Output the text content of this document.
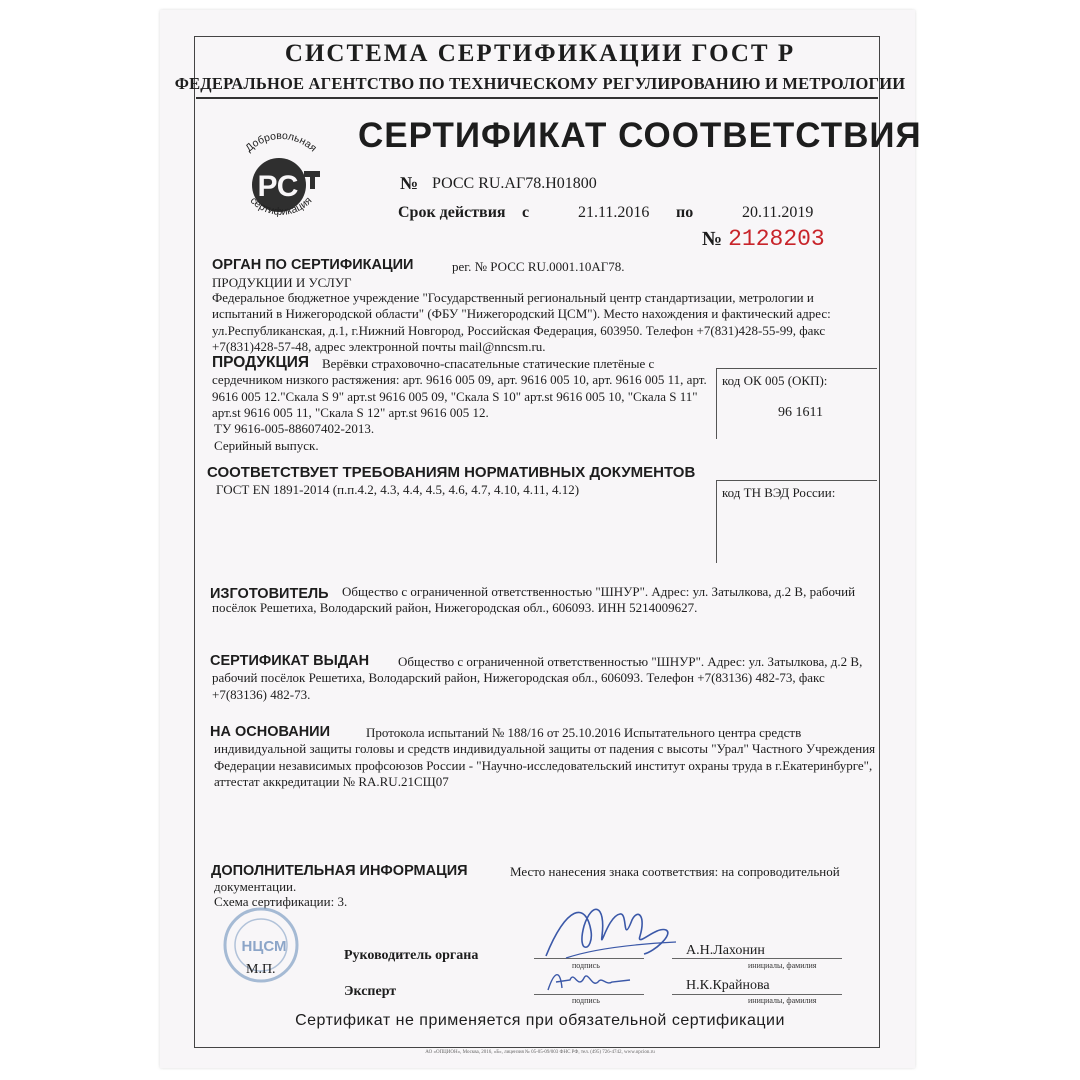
СИСТЕМА СЕРТИФИКАЦИИ ГОСТ Р
ФЕДЕРАЛЬНОЕ АГЕНТСТВО ПО ТЕХНИЧЕСКОМУ РЕГУЛИРОВАНИЮ И МЕТРОЛОГИИ
Добровольная
РС
сертификация
СЕРТИФИКАТ СООТВЕТСТВИЯ
№ РОСС RU.АГ78.Н01800
Срок действия с	21.11.2016 по	20.11.2019
№ 2128203
ОРГАН ПО СЕРТИФИКАЦИИ	рег. № РОСС RU.0001.10АГ78.
ПРОДУКЦИИ И УСЛУГ
Федеральное бюджетное учреждение "Государственный региональный центр стандартизации, метрологии и испытаний в Нижегородской области" (ФБУ "Нижегородский ЦСМ"). Место нахождения и фактический адрес: ул.Республиканская, д.1, г.Нижний Новгород, Российская Федерация, 603950. Телефон +7(831)428-55-99, факс +7(831)428-57-48, адрес электронной почты mail@nncsm.ru.
ПРОДУКЦИЯ Верёвки страховочно-спасательные статические плетёные с сердечником низкого растяжения: арт. 9616 005 09, арт. 9616 005 10, арт. 9616 005 11, арт. 9616 005 12."Скала S 9" арт.st 9616 005 09, "Скала S 10" арт.st 9616 005 10, "Скала S 11" арт.st 9616 005 11, "Скала S 12" арт.st 9616 005 12.
ТУ 9616-005-88607402-2013.
Серийный выпуск.
код ОК 005 (ОКП):
96 1611
СООТВЕТСТВУЕТ ТРЕБОВАНИЯМ НОРМАТИВНЫХ ДОКУМЕНТОВ
ГОСТ EN 1891-2014 (п.п.4.2, 4.3, 4.4, 4.5, 4.6, 4.7, 4.10, 4.11, 4.12)	код ТН ВЭД России:
ИЗГОТОВИТЕЛЬ	Общество с ограниченной ответственностью "ШНУР". Адрес: ул. Затылкова, д.2 В, рабочий посёлок Решетиха, Володарский район, Нижегородская обл., 606093. ИНН 5214009627.
СЕРТИФИКАТ ВЫДАН	Общество с ограниченной ответственностью "ШНУР". Адрес: ул. Затылкова, д.2 В, рабочий посёлок Решетиха, Володарский район, Нижегородская обл., 606093. Телефон +7(83136) 482-73, факс +7(83136) 482-73.
НА ОСНОВАНИИ	Протокола испытаний № 188/16 от 25.10.2016 Испытательного центра средств индивидуальной защиты головы и средств индивидуальной защиты от падения с высоты "Урал" Частного Учреждения Федерации независимых профсоюзов России - "Научно-исследовательский институт охраны труда в г.Екатеринбурге", аттестат аккредитации № RA.RU.21СЩ07
ДОПОЛНИТЕЛЬНАЯ ИНФОРМАЦИЯ	Место нанесения знака соответствия: на сопроводительной
документации.
Схема сертификации: 3.
НЦСМ
М.П.
Руководитель органа
подпись
А.Н.Лахонин
инициалы, фамилия
Эксперт
подпись
Н.К.Крайнова
инициалы, фамилия
Сертификат не применяется при обязательной сертификации
АО «ОПЦИОН», Москва, 2016, «Б», лицензия № 05-05-09/003 ФНС РФ, тел. (495) 726-4742, www.opcion.ru
